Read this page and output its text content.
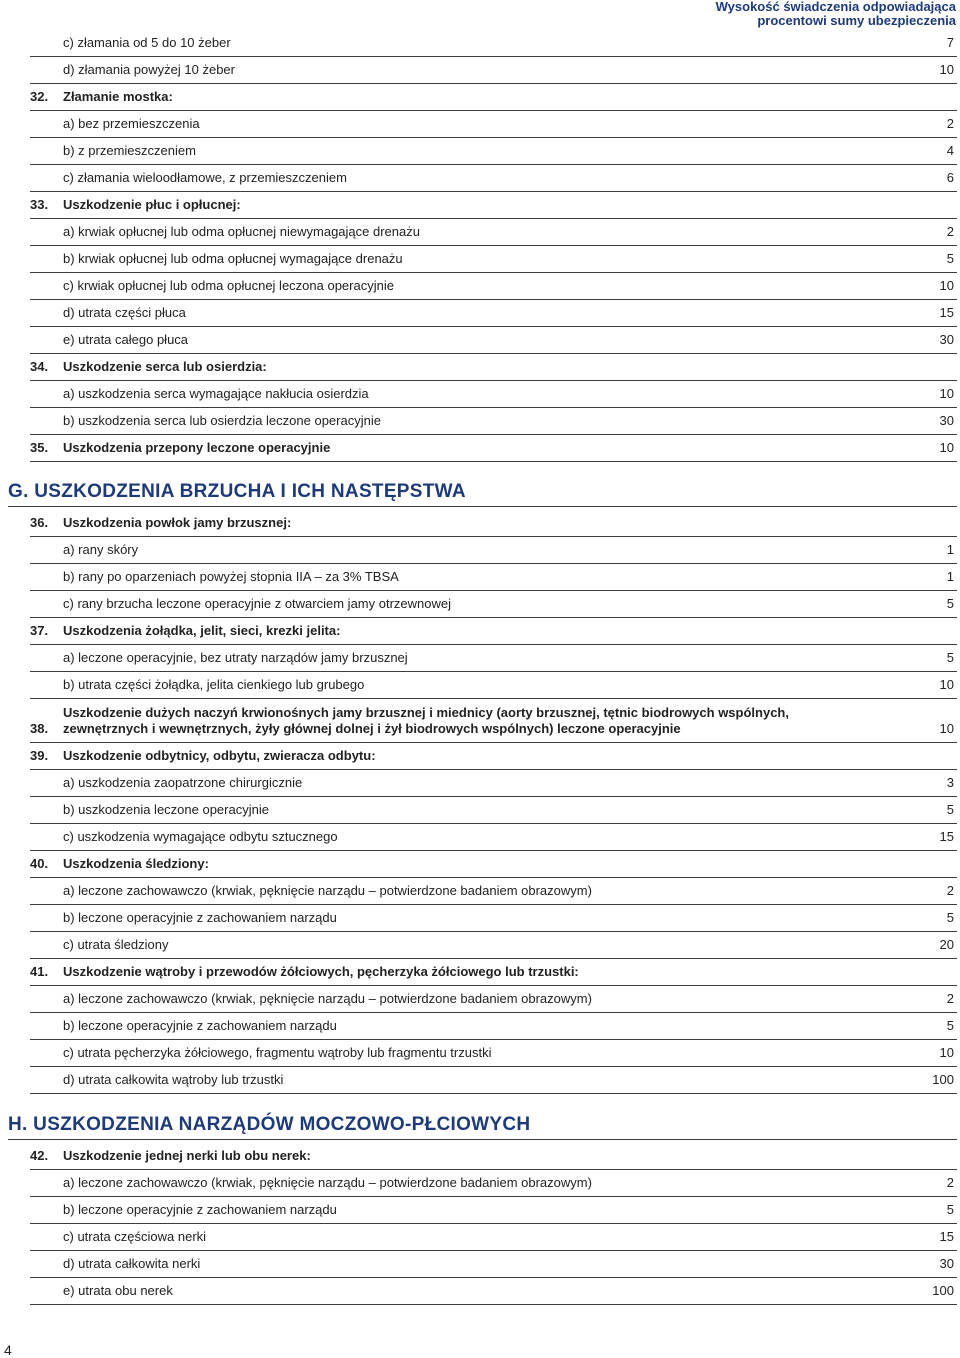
Wysokość świadczenia odpowiadająca
procentowi sumy ubezpieczenia
c) złamania od 5 do 10 żeber	7
d) złamania powyżej 10 żeber	10
32. Złamanie mostka:
a) bez przemieszczenia	2
b) z przemieszczeniem	4
c) złamania wieloodłamowe, z przemieszczeniem	6
33. Uszkodzenie płuc i opłucnej:
a) krwiak opłucnej lub odma opłucnej niewymagające drenażu	2
b) krwiak opłucnej lub odma opłucnej wymagające drenażu	5
c) krwiak opłucnej lub odma opłucnej leczona operacyjnie	10
d) utrata części płuca	15
e) utrata całego płuca	30
34. Uszkodzenie serca lub osierdzia:
a) uszkodzenia serca wymagające nakłucia osierdzia	10
b) uszkodzenia serca lub osierdzia leczone operacyjnie	30
35. Uszkodzenia przepony leczone operacyjnie	10
G. USZKODZENIA BRZUCHA I ICH NASTĘPSTWA
36. Uszkodzenia powłok jamy brzusznej:
a) rany skóry	1
b) rany po oparzeniach powyżej stopnia IIA – za 3% TBSA	1
c) rany brzucha leczone operacyjnie z otwarciem jamy otrzewnowej	5
37. Uszkodzenia żołądka, jelit, sieci, krezki jelita:
a) leczone operacyjnie, bez utraty narządów jamy brzusznej	5
b) utrata części żołądka, jelita cienkiego lub grubego	10
38.
Uszkodzenie dużych naczyń krwionośnych jamy brzusznej i miednicy (aorty brzusznej, tętnic biodrowych wspólnych, zewnętrznych i wewnętrznych, żyły głównej dolnej i żył biodrowych wspólnych) leczone operacyjnie	10
39. Uszkodzenie odbytnicy, odbytu, zwieracza odbytu:
a) uszkodzenia zaopatrzone chirurgicznie	3
b) uszkodzenia leczone operacyjnie	5
c) uszkodzenia wymagające odbytu sztucznego	15
40. Uszkodzenia śledziony:
a) leczone zachowawczo (krwiak, pęknięcie narządu – potwierdzone badaniem obrazowym)	2
b) leczone operacyjnie z zachowaniem narządu	5
c) utrata śledziony	20
41. Uszkodzenie wątroby i przewodów żółciowych, pęcherzyka żółciowego lub trzustki:
a) leczone zachowawczo (krwiak, pęknięcie narządu – potwierdzone badaniem obrazowym)	2
b) leczone operacyjnie z zachowaniem narządu	5
c) utrata pęcherzyka żółciowego, fragmentu wątroby lub fragmentu trzustki	10
d) utrata całkowita wątroby lub trzustki	100
H. USZKODZENIA NARZĄDÓW MOCZOWO-PŁCIOWYCH
42. Uszkodzenie jednej nerki lub obu nerek:
a) leczone zachowawczo (krwiak, pęknięcie narządu – potwierdzone badaniem obrazowym)	2
b) leczone operacyjnie z zachowaniem narządu	5
c) utrata częściowa nerki	15
d) utrata całkowita nerki	30
e) utrata obu nerek	100
4
